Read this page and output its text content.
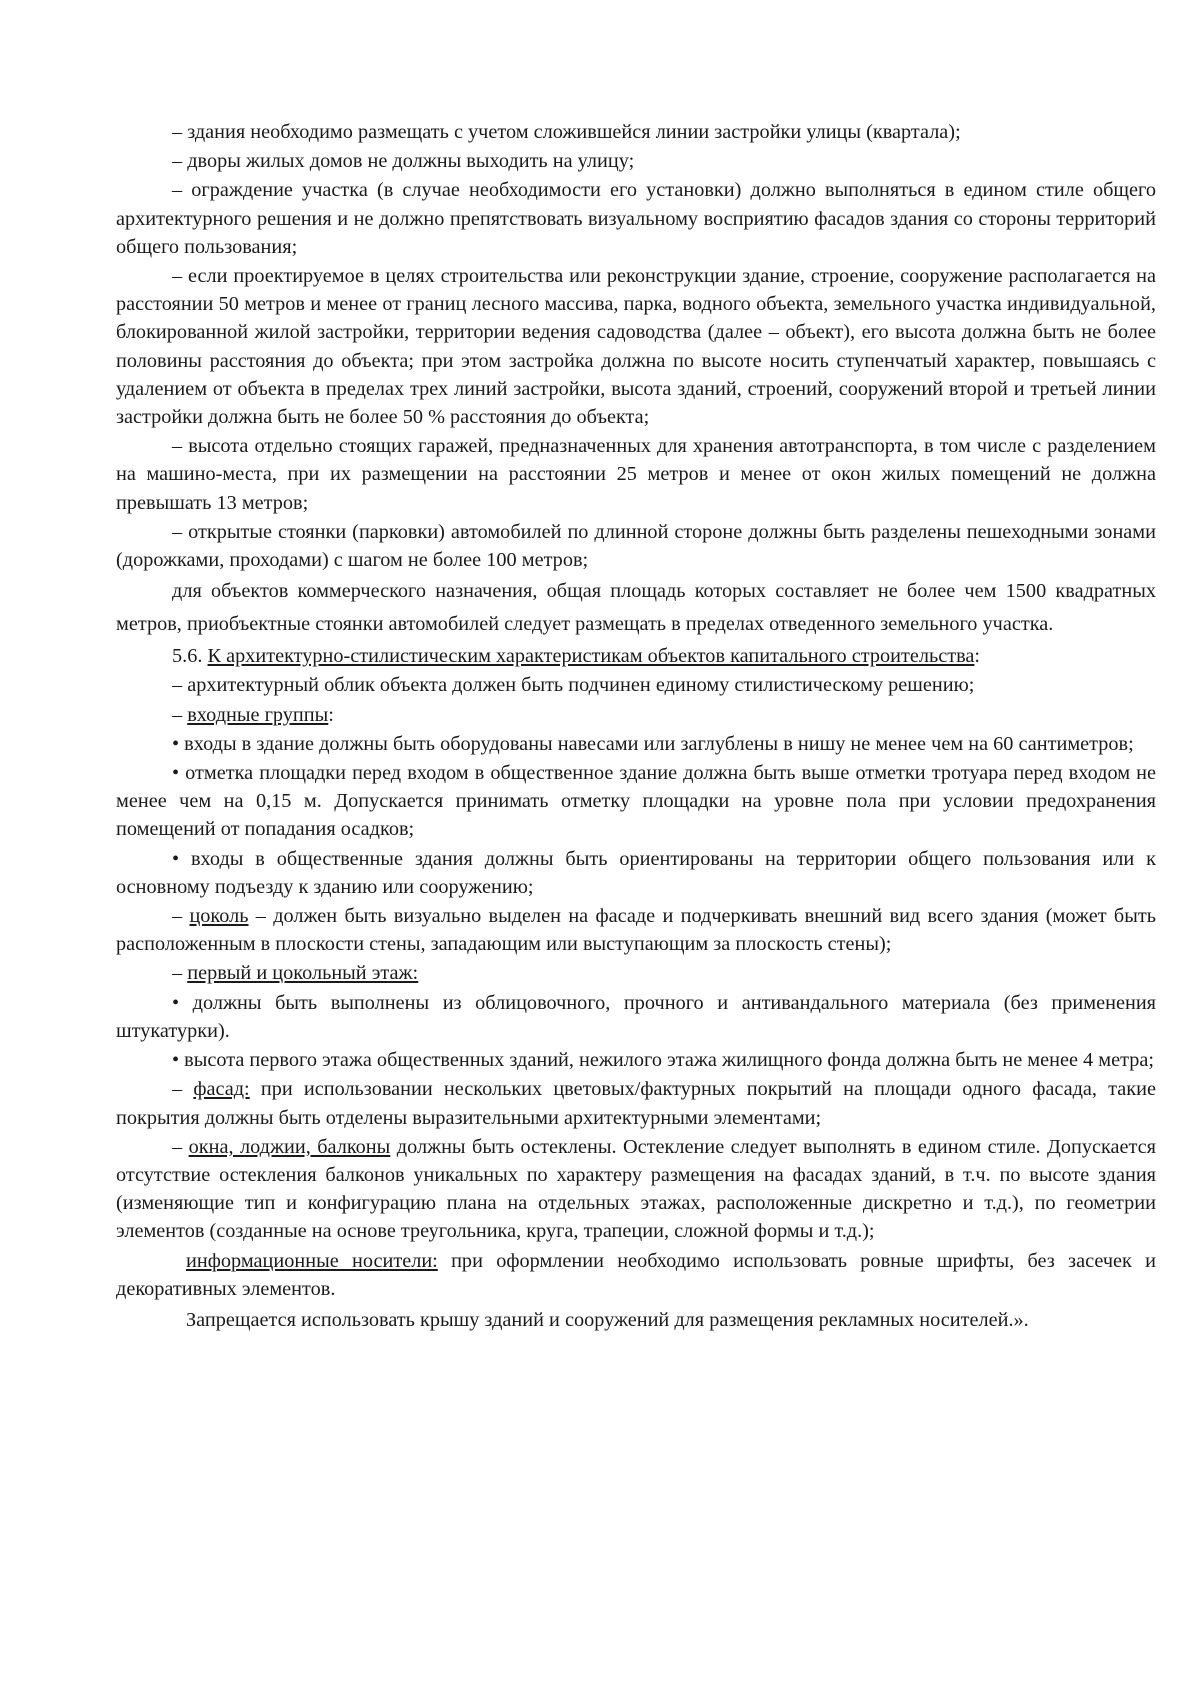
– здания необходимо размещать с учетом сложившейся линии застройки улицы (квартала);

– дворы жилых домов не должны выходить на улицу;

– ограждение участка (в случае необходимости его установки) должно выполняться в едином стиле общего архитектурного решения и не должно препятствовать визуальному восприятию фасадов здания со стороны территорий общего пользования;

– если проектируемое в целях строительства или реконструкции здание, строение, сооружение располагается на расстоянии 50 метров и менее от границ лесного массива, парка, водного объекта, земельного участка индивидуальной, блокированной жилой застройки, территории ведения садоводства (далее – объект), его высота должна быть не более половины расстояния до объекта; при этом застройка должна по высоте носить ступенчатый характер, повышаясь с удалением от объекта в пределах трех линий застройки, высота зданий, строений, сооружений второй и третьей линии застройки должна быть не более 50 % расстояния до объекта;

– высота отдельно стоящих гаражей, предназначенных для хранения автотранспорта, в том числе с разделением на машино-места, при их размещении на расстоянии 25 метров и менее от окон жилых помещений не должна превышать 13 метров;

– открытые стоянки (парковки) автомобилей по длинной стороне должны быть разделены пешеходными зонами (дорожками, проходами) с шагом не более 100 метров;

для объектов коммерческого назначения, общая площадь которых составляет не более чем 1500 квадратных метров, приобъектные стоянки автомобилей следует размещать в пределах отведенного земельного участка.

5.6. К архитектурно-стилистическим характеристикам объектов капитального строительства:

– архитектурный облик объекта должен быть подчинен единому стилистическому решению;

– входные группы:

• входы в здание должны быть оборудованы навесами или заглублены в нишу не менее чем на 60 сантиметров;

• отметка площадки перед входом в общественное здание должна быть выше отметки тротуара перед входом не менее чем на 0,15 м. Допускается принимать отметку площадки на уровне пола при условии предохранения помещений от попадания осадков;

• входы в общественные здания должны быть ориентированы на территории общего пользования или к основному подъезду к зданию или сооружению;

– цоколь – должен быть визуально выделен на фасаде и подчеркивать внешний вид всего здания (может быть расположенным в плоскости стены, западающим или выступающим за плоскость стены);

– первый и цокольный этаж:

• должны быть выполнены из облицовочного, прочного и антивандального материала (без применения штукатурки).

• высота первого этажа общественных зданий, нежилого этажа жилищного фонда должна быть не менее 4 метра;

– фасад: при использовании нескольких цветовых/фактурных покрытий на площади одного фасада, такие покрытия должны быть отделены выразительными архитектурными элементами;

– окна, лоджии, балконы должны быть остеклены. Остекление следует выполнять в едином стиле. Допускается отсутствие остекления балконов уникальных по характеру размещения на фасадах зданий, в т.ч. по высоте здания (изменяющие тип и конфигурацию плана на отдельных этажах, расположенные дискретно и т.д.), по геометрии элементов (созданные на основе треугольника, круга, трапеции, сложной формы и т.д.);

информационные носители: при оформлении необходимо использовать ровные шрифты, без засечек и декоративных элементов.

Запрещается использовать крышу зданий и сооружений для размещения рекламных носителей.».
